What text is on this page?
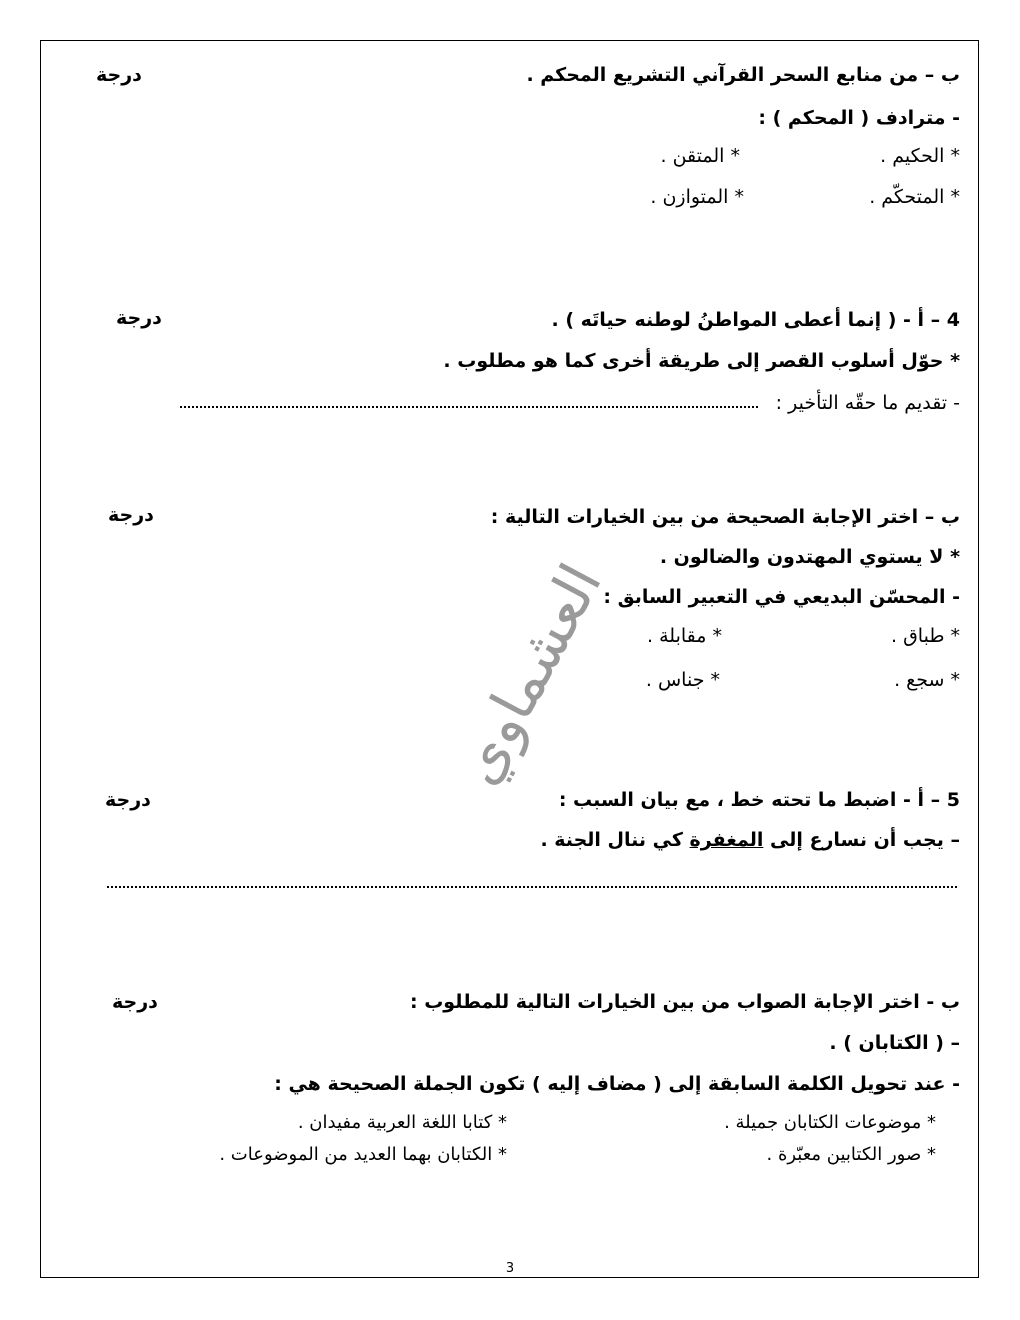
العشماوي
ب – من منابع السحر القرآني التشريع المحكم .
درجة
- مترادف ( المحكم ) :
* الحكيم .
* المتقن .
* المتحكّم .
* المتوازن .
4 – أ - ( إنما أعطى المواطنُ لوطنه حياتَه ) .
درجة
* حوّل أسلوب القصر إلى طريقة أخرى كما هو مطلوب .
- تقديم ما حقّه التأخير :
ب – اختر الإجابة الصحيحة من بين الخيارات التالية :
درجة
* لا يستوي المهتدون والضالون .
- المحسّن البديعي في التعبير السابق :
* طباق .
* مقابلة .
* سجع .
* جناس .
5 – أ - اضبط ما تحته خط ، مع بيان السبب :
درجة
– يجب أن نسارع إلى المغفرة كي ننال الجنة .
ب - اختر الإجابة الصواب من بين الخيارات التالية للمطلوب :
درجة
– ( الكتابان ) .
- عند تحويل الكلمة السابقة إلى ( مضاف إليه ) تكون الجملة الصحيحة هي :
* موضوعات الكتابان جميلة .
* كتابا اللغة العربية مفيدان .
* صور الكتابين معبّرة .
* الكتابان بهما العديد من الموضوعات .
3
